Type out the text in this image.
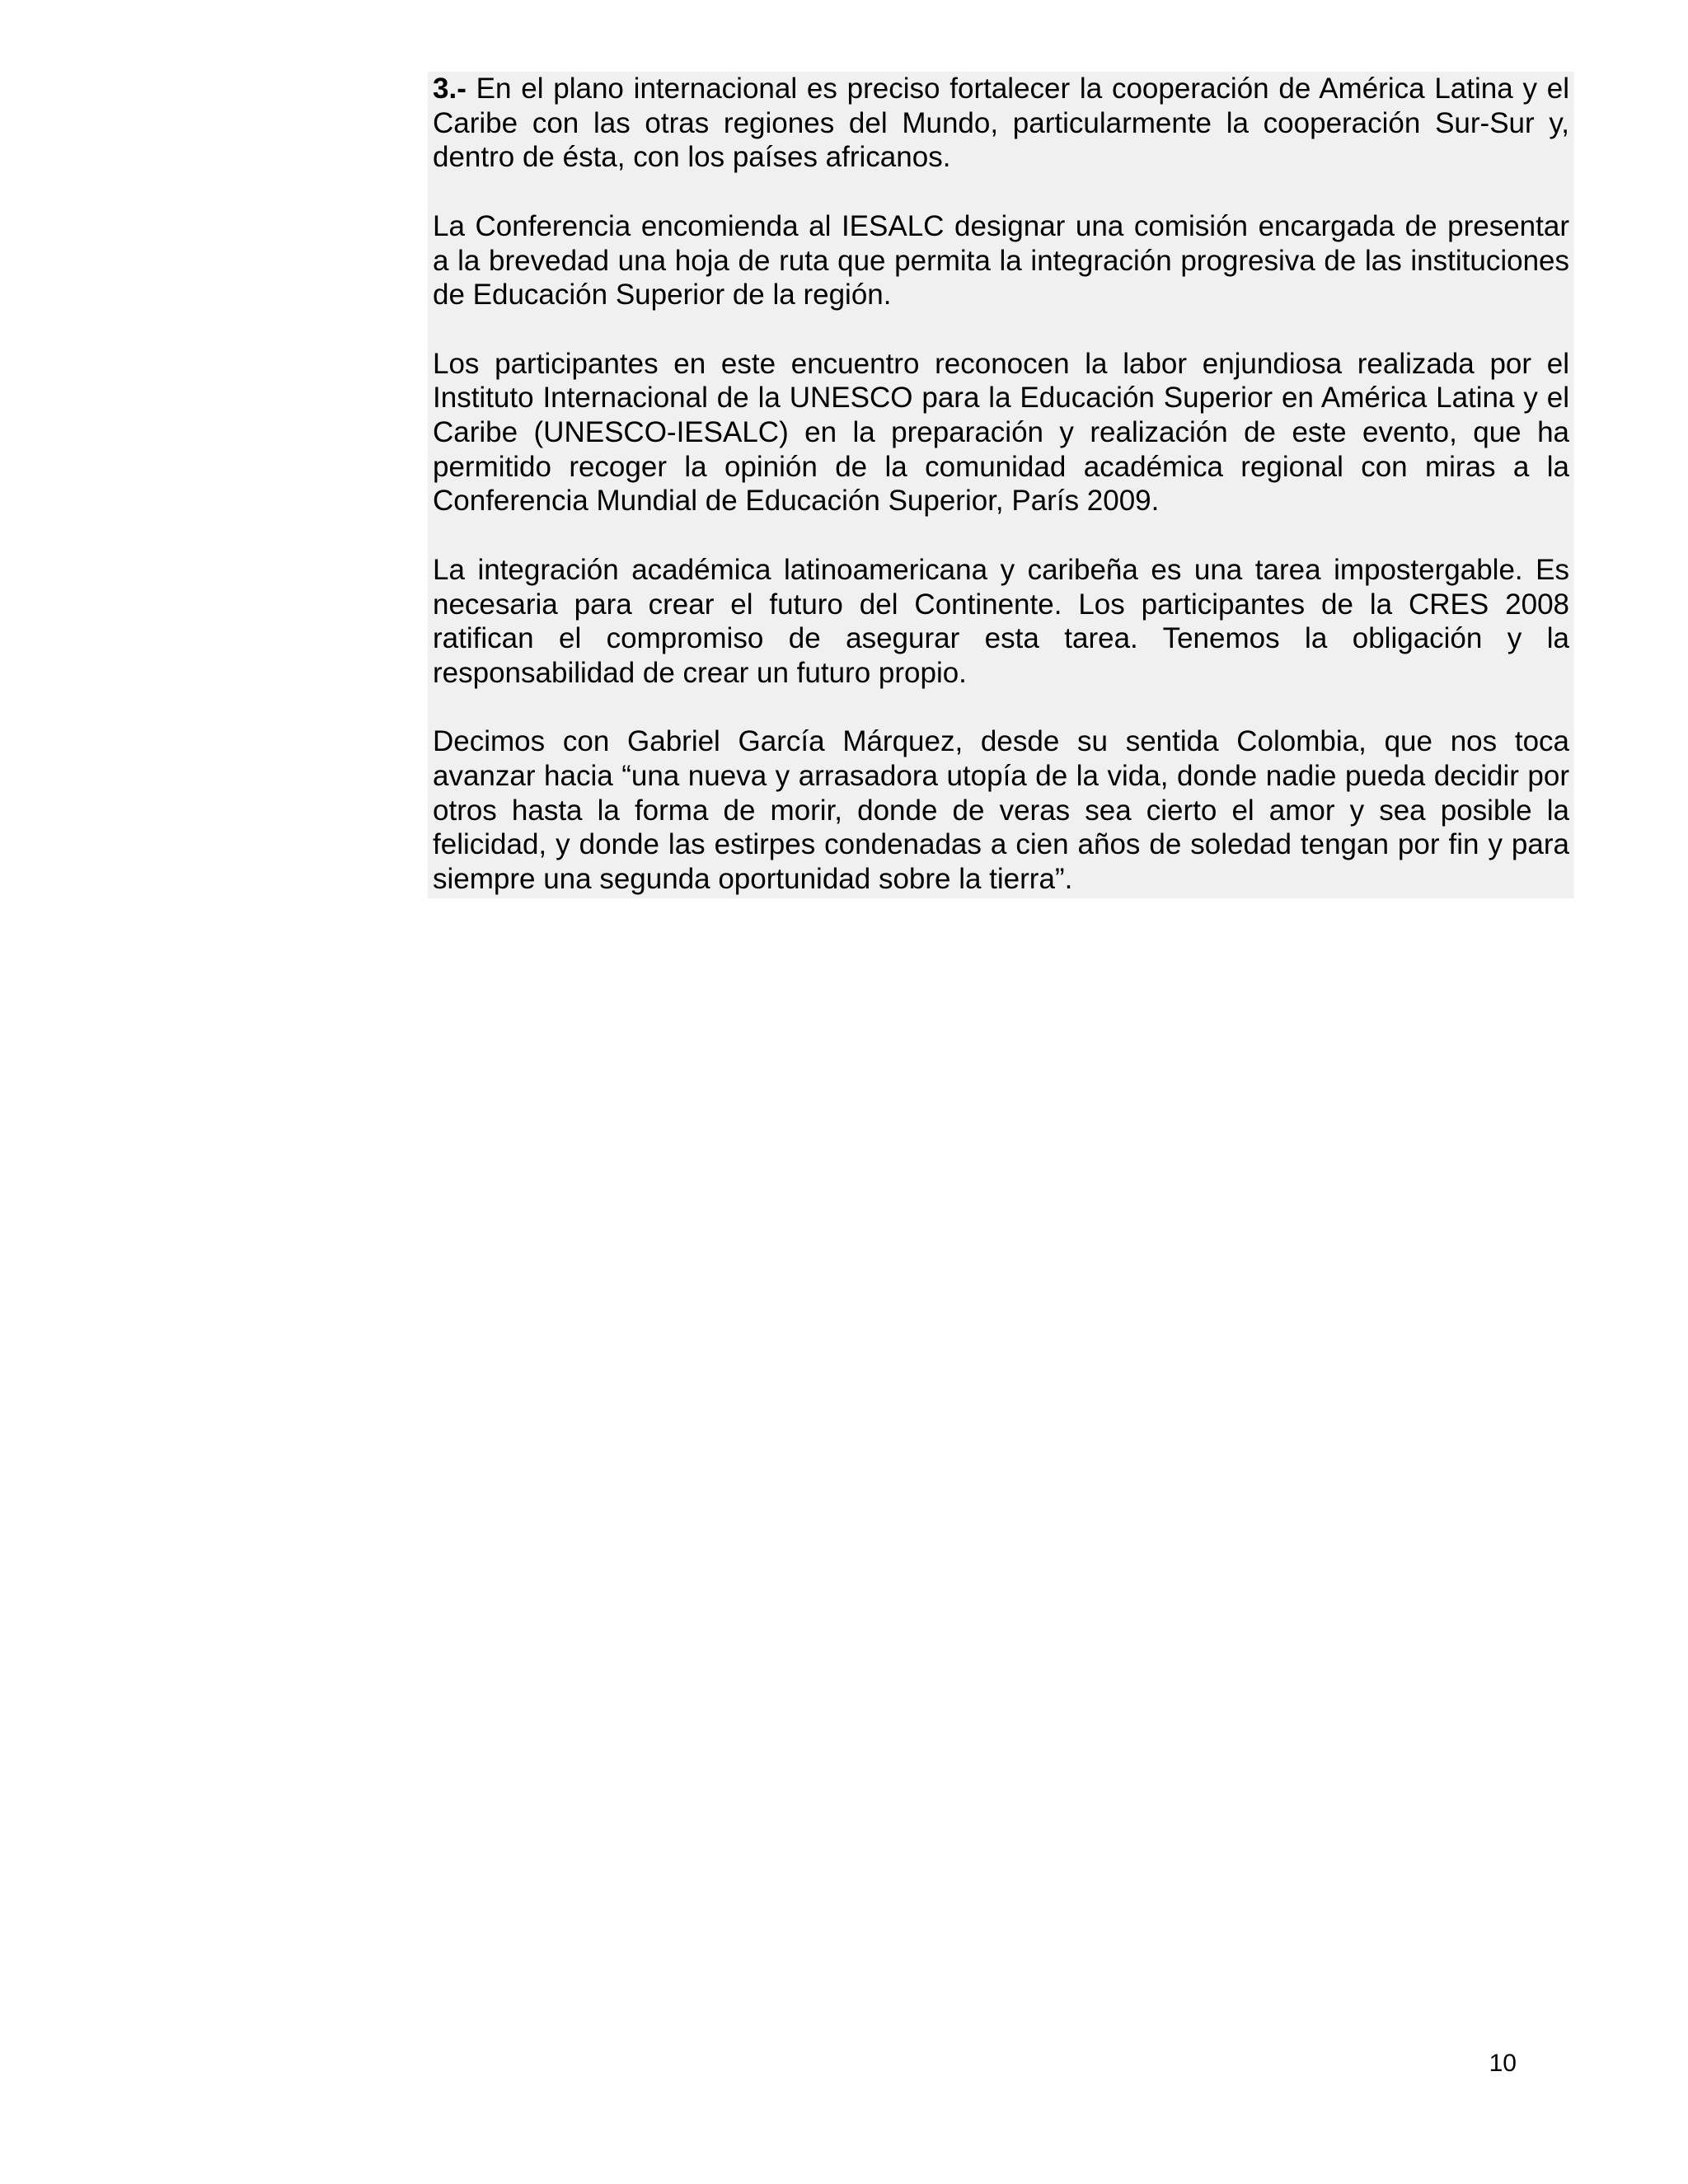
3.- En el plano internacional es preciso fortalecer la cooperación de América Latina y el Caribe con las otras regiones del Mundo, particularmente la cooperación Sur-Sur y, dentro de ésta, con los países africanos.

La Conferencia encomienda al IESALC designar una comisión encargada de presentar a la brevedad una hoja de ruta que permita la integración progresiva de las instituciones de Educación Superior de la región.

Los participantes en este encuentro reconocen la labor enjundiosa realizada por el Instituto Internacional de la UNESCO para la Educación Superior en América Latina y el Caribe (UNESCO-IESALC) en la preparación y realización de este evento, que ha permitido recoger la opinión de la comunidad académica regional con miras a la Conferencia Mundial de Educación Superior, París 2009.

La integración académica latinoamericana y caribeña es una tarea impostergable. Es necesaria para crear el futuro del Continente. Los participantes de la CRES 2008 ratifican el compromiso de asegurar esta tarea. Tenemos la obligación y la responsabilidad de crear un futuro propio.

Decimos con Gabriel García Márquez, desde su sentida Colombia, que nos toca avanzar hacia “una nueva y arrasadora utopía de la vida, donde nadie pueda decidir por otros hasta la forma de morir, donde de veras sea cierto el amor y sea posible la felicidad, y donde las estirpes condenadas a cien años de soledad tengan por fin y para siempre una segunda oportunidad sobre la tierra”.

10
